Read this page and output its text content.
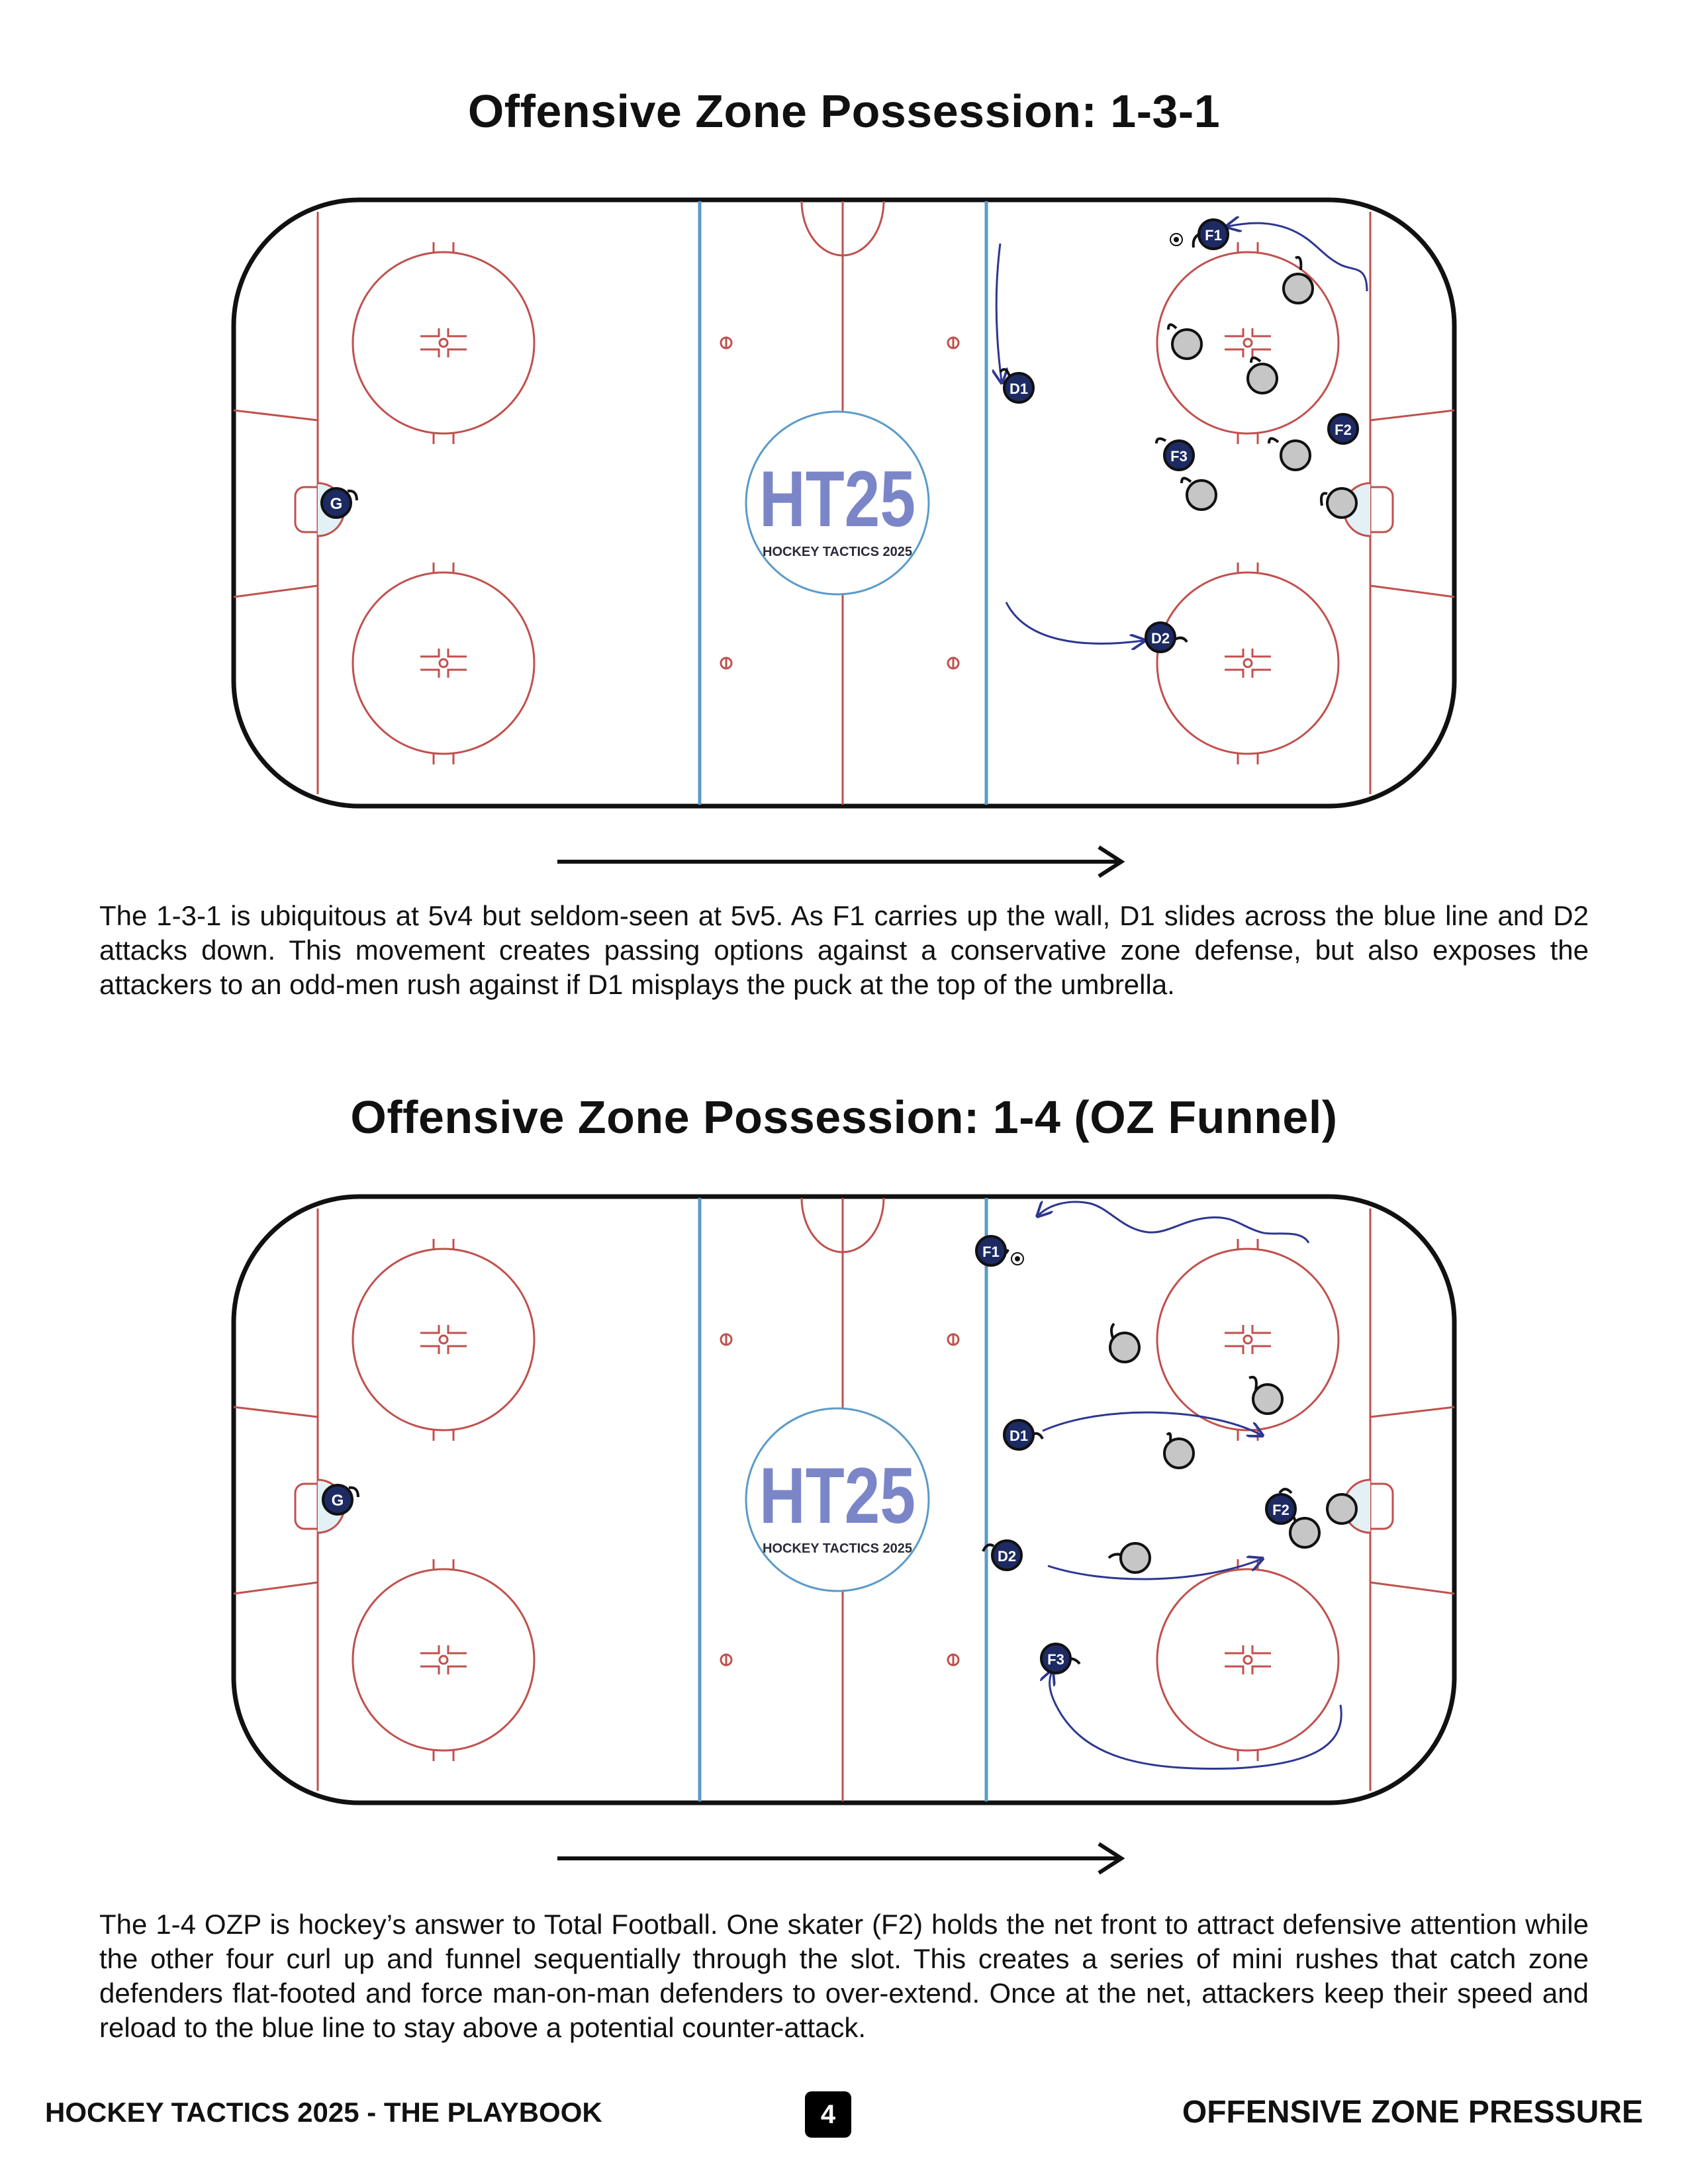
Offensive Zone Possession: 1-3-1
HT25
HOCKEY TACTICS 2025
G
D1
D2
F1
F2
F3

The 1-3-1 is ubiquitous at 5v4 but seldom-seen at 5v5. As F1 carries up the wall, D1 slides across the blue line and D2 attacks down. This movement creates passing options against a conservative zone defense, but also exposes the attackers to an odd-men rush against if D1 misplays the puck at the top of the umbrella.

Offensive Zone Possession: 1-4 (OZ Funnel)
HT25
HOCKEY TACTICS 2025
G
F1
D1
D2
F2
F3

The 1-4 OZP is hockey’s answer to Total Football. One skater (F2) holds the net front to attract defensive attention while the other four curl up and funnel sequentially through the slot. This creates a series of mini rushes that catch zone defenders flat-footed and force man-on-man defenders to over-extend. Once at the net, attackers keep their speed and reload to the blue line to stay above a potential counter-attack.

HOCKEY TACTICS 2025 - THE PLAYBOOK	4	OFFENSIVE ZONE PRESSURE
